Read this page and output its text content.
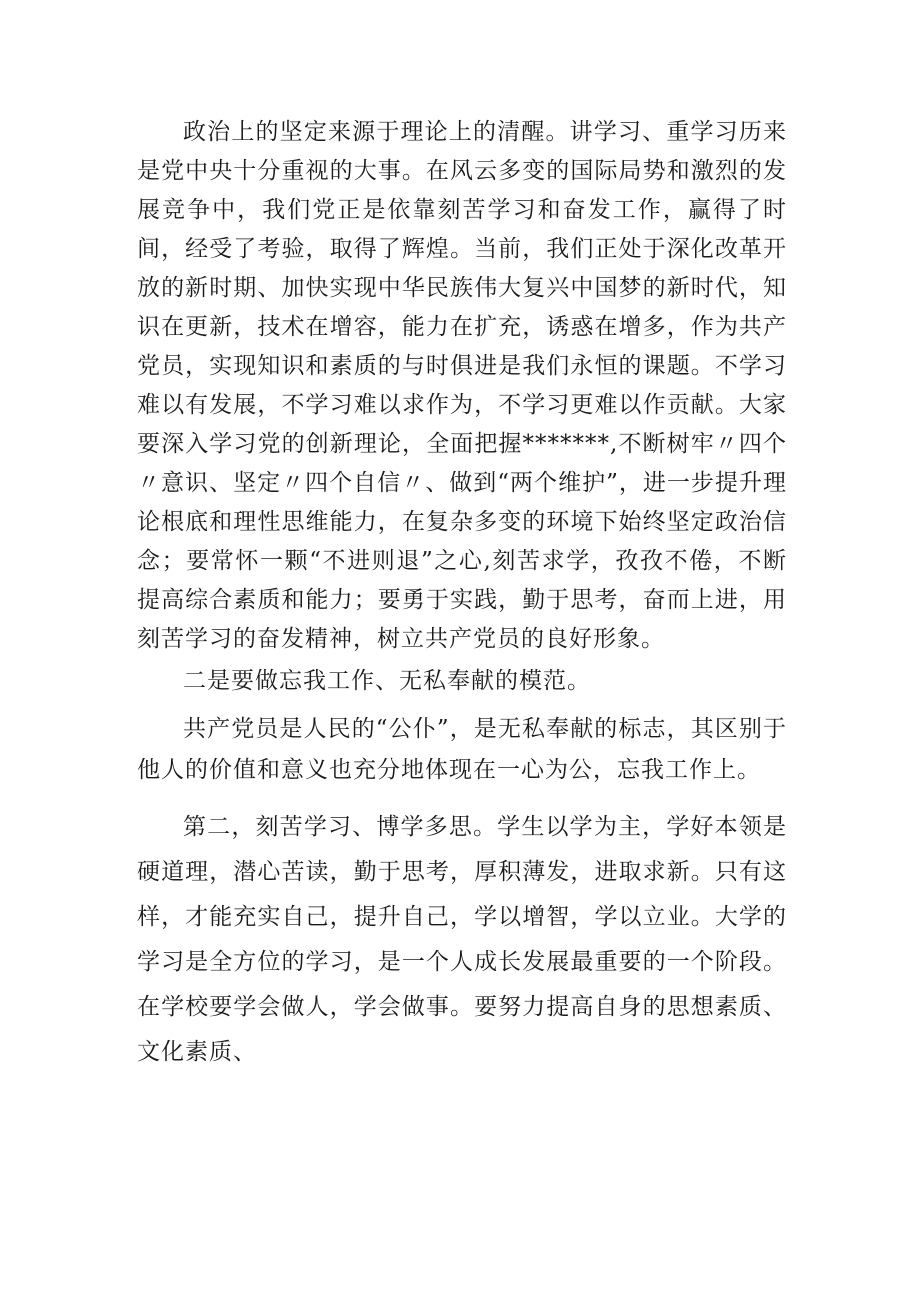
政治上的坚定来源于理论上的清醒。讲学习、重学习历来是党中央十分重视的大事。在风云多变的国际局势和激烈的发展竞争中，我们党正是依靠刻苦学习和奋发工作，赢得了时间，经受了考验，取得了辉煌。当前，我们正处于深化改革开放的新时期、加快实现中华民族伟大复兴中国梦的新时代，知识在更新，技术在增容，能力在扩充，诱惑在增多，作为共产党员，实现知识和素质的与时俱进是我们永恒的课题。不学习难以有发展，不学习难以求作为，不学习更难以作贡献。大家要深入学习党的创新理论，全面把握*******,不断树牢〃四个〃意识、坚定〃四个自信〃、做到“两个维护”，进一步提升理论根底和理性思维能力，在复杂多变的环境下始终坚定政治信念；要常怀一颗“不进则退”之心,刻苦求学，孜孜不倦，不断提高综合素质和能力；要勇于实践，勤于思考，奋而上进，用刻苦学习的奋发精神，树立共产党员的良好形象。

二是要做忘我工作、无私奉献的模范。

共产党员是人民的“公仆”，是无私奉献的标志，其区别于他人的价值和意义也充分地体现在一心为公，忘我工作上。

第二，刻苦学习、博学多思。学生以学为主，学好本领是硬道理，潜心苦读，勤于思考，厚积薄发，进取求新。只有这样，才能充实自己，提升自己，学以增智，学以立业。大学的学习是全方位的学习，是一个人成长发展最重要的一个阶段。在学校要学会做人，学会做事。要努力提高自身的思想素质、文化素质、
